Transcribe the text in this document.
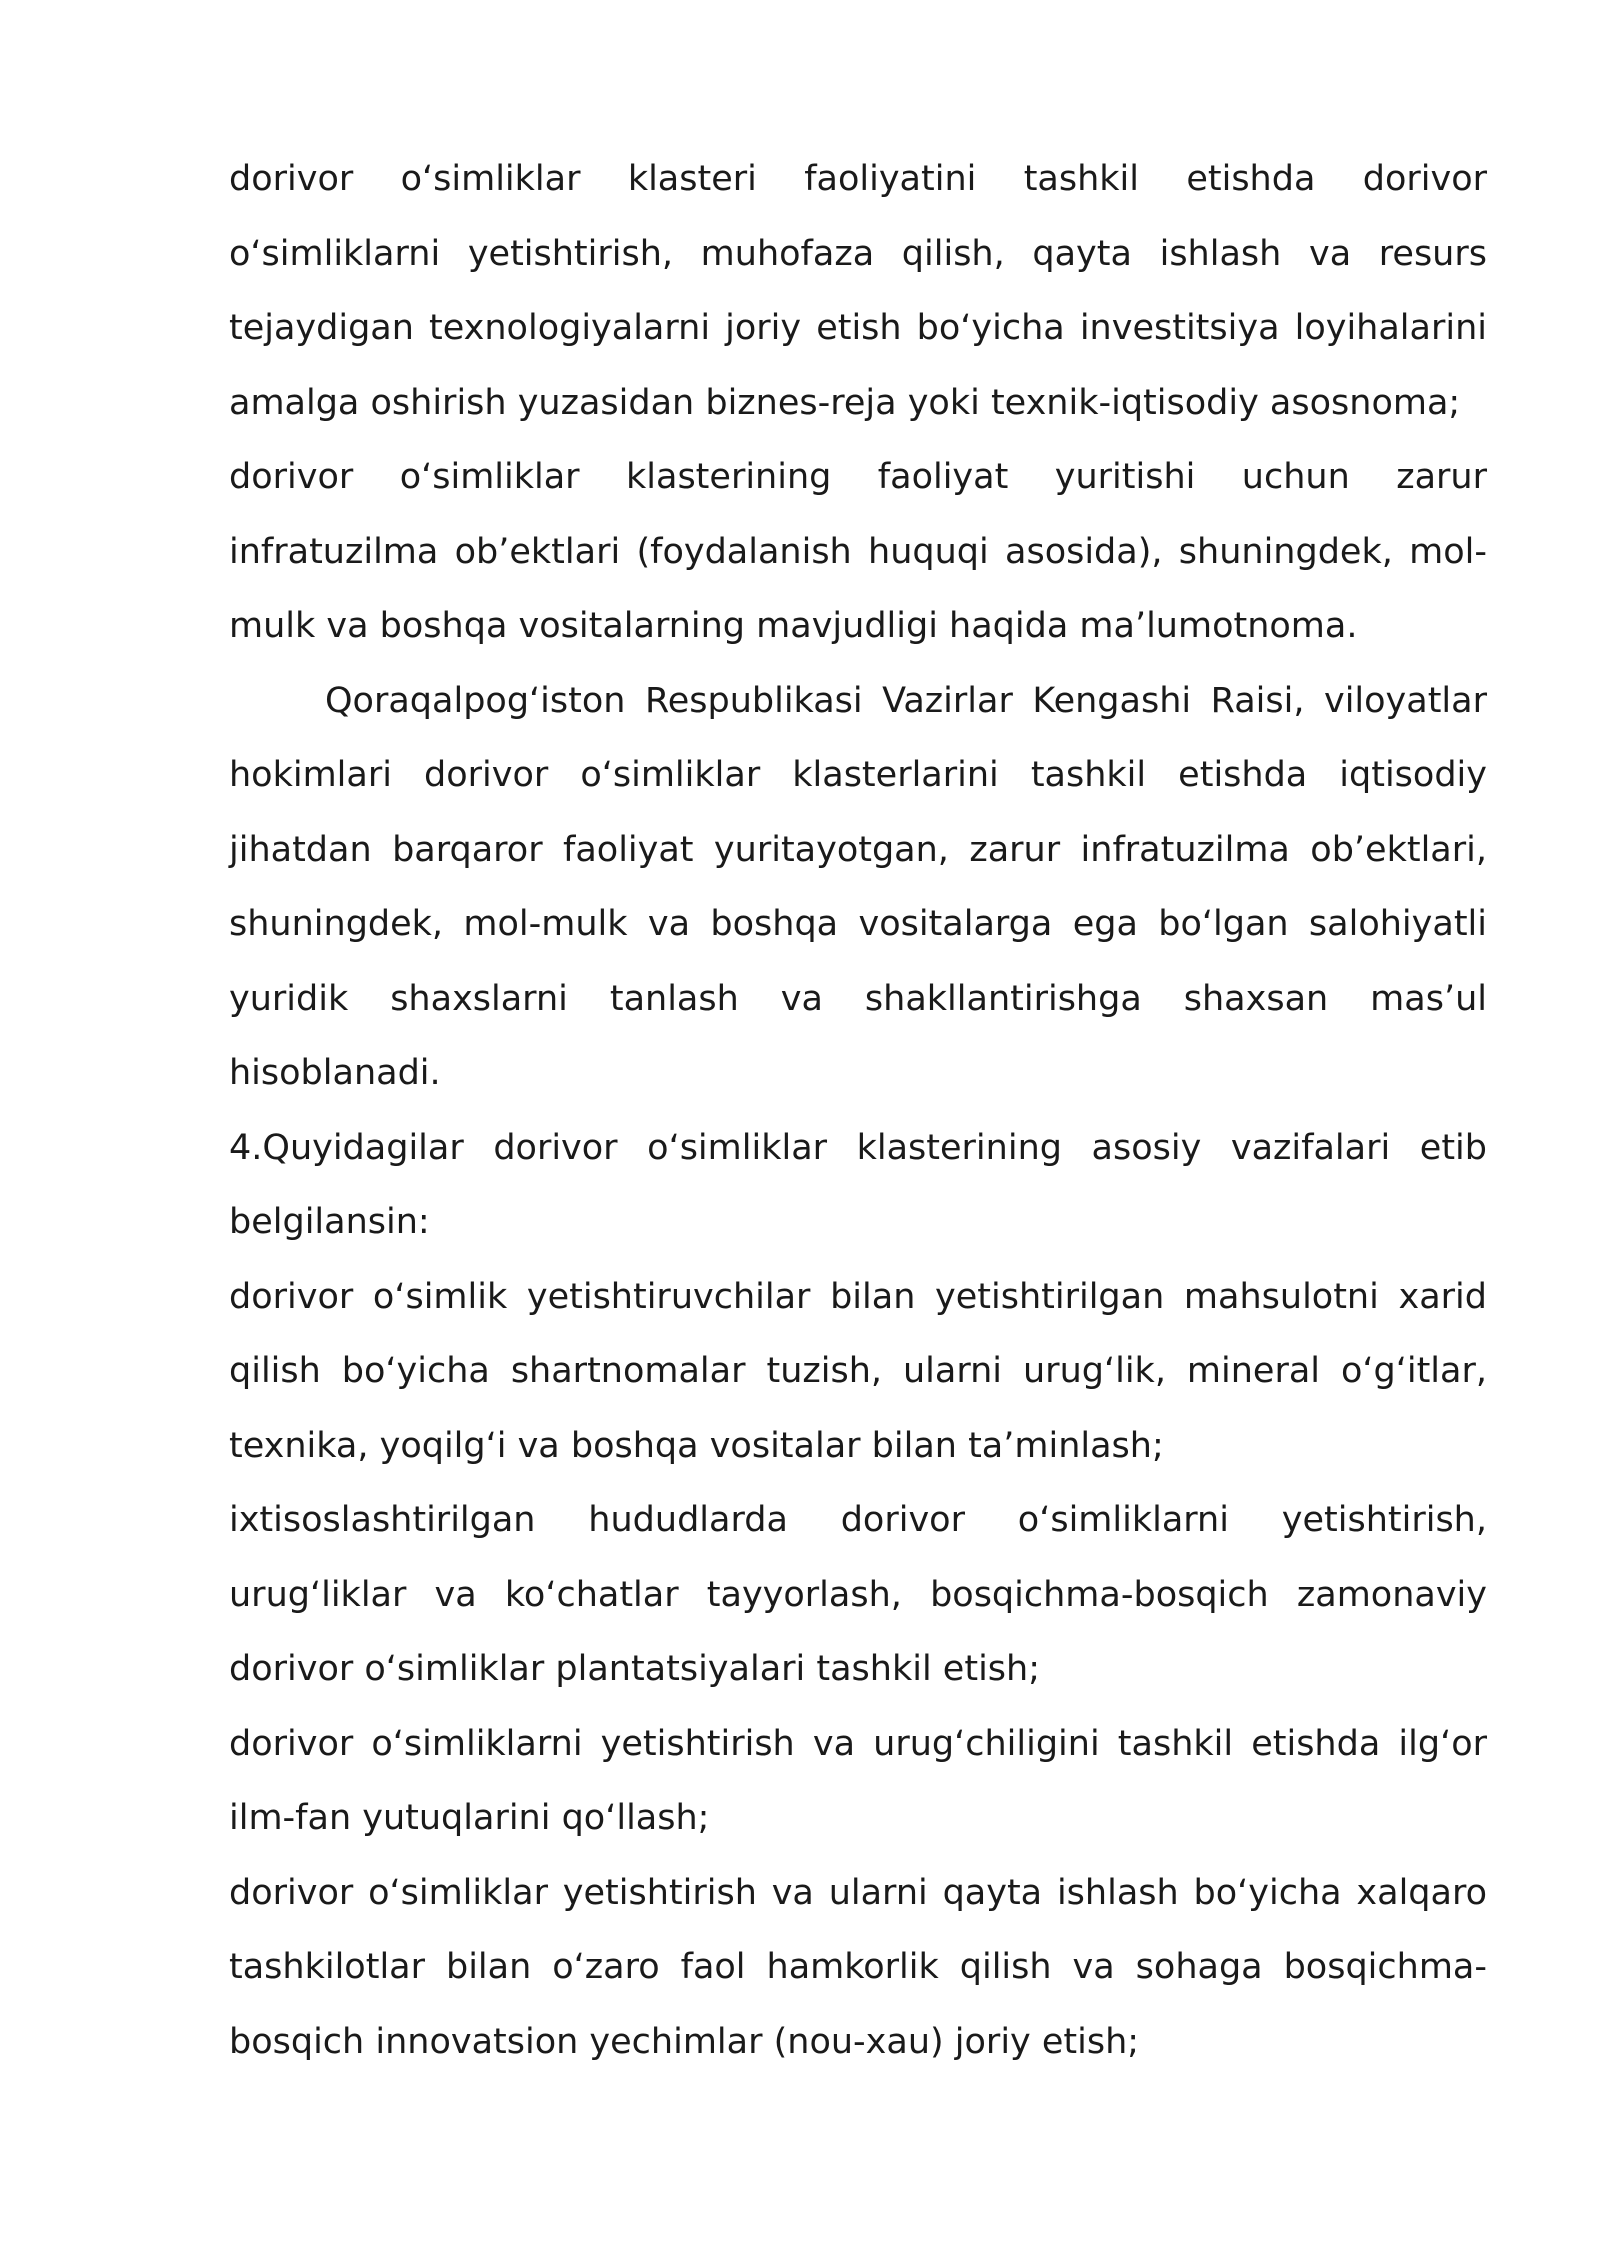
dorivor oʻsimliklar klasteri faoliyatini tashkil etishda dorivor oʻsimliklarni yetishtirish, muhofaza qilish, qayta ishlash va resurs tejaydigan texnologiyalarni joriy etish boʻyicha investitsiya loyihalarini amalga oshirish yuzasidan biznes-reja yoki texnik-iqtisodiy asosnoma;

dorivor oʻsimliklar klasterining faoliyat yuritishi uchun zarur infratuzilma obʼektlari (foydalanish huquqi asosida), shuningdek, mol-mulk va boshqa vositalarning mavjudligi haqida maʼlumotnoma.

Qoraqalpogʻiston Respublikasi Vazirlar Kengashi Raisi, viloyatlar hokimlari dorivor oʻsimliklar klasterlarini tashkil etishda iqtisodiy jihatdan barqaror faoliyat yuritayotgan, zarur infratuzilma obʼektlari, shuningdek, mol-mulk va boshqa vositalarga ega boʻlgan salohiyatli yuridik shaxslarni tanlash va shakllantirishga shaxsan masʼul hisoblanadi.

4.Quyidagilar dorivor oʻsimliklar klasterining asosiy vazifalari etib belgilansin:

dorivor oʻsimlik yetishtiruvchilar bilan yetishtirilgan mahsulotni xarid qilish boʻyicha shartnomalar tuzish, ularni urugʻlik, mineral oʻgʻitlar, texnika, yoqilgʻi va boshqa vositalar bilan taʼminlash;

ixtisoslashtirilgan hududlarda dorivor oʻsimliklarni yetishtirish, urugʻliklar va koʻchatlar tayyorlash, bosqichma-bosqich zamonaviy dorivor oʻsimliklar plantatsiyalari tashkil etish;

dorivor oʻsimliklarni yetishtirish va urugʻchiligini tashkil etishda ilgʻor ilm-fan yutuqlarini qoʻllash;

dorivor oʻsimliklar yetishtirish va ularni qayta ishlash boʻyicha xalqaro tashkilotlar bilan oʻzaro faol hamkorlik qilish va sohaga bosqichma-bosqich innovatsion yechimlar (nou-xau) joriy etish;
